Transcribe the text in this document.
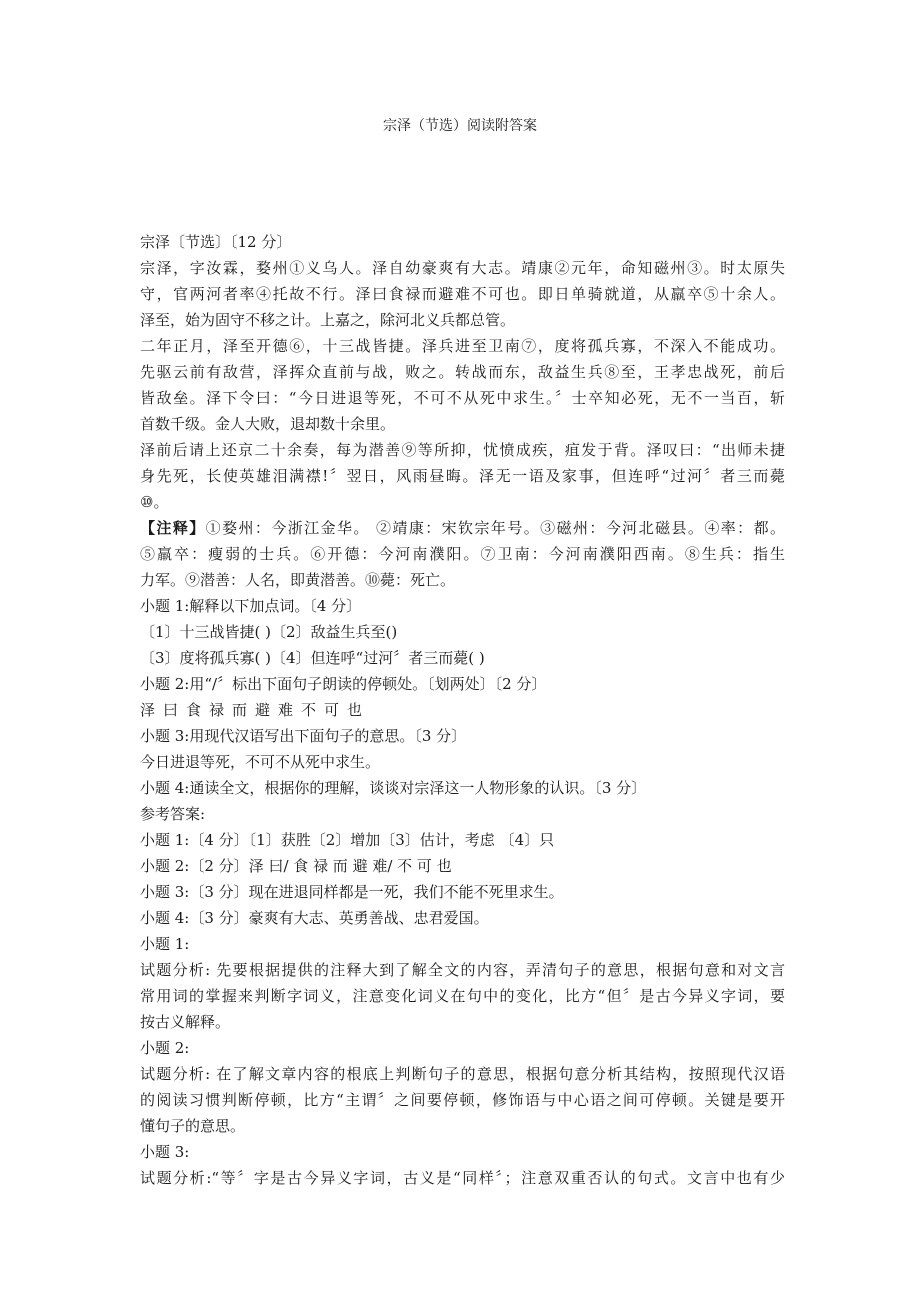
宗泽（节选）阅读附答案
宗泽〔节选〕〔12 分〕
宗泽，字汝霖，婺州①义乌人。泽自幼豪爽有大志。靖康②元年，命知磁州③。时太原失
守，官两河者率④托故不行。泽曰食禄而避难不可也。即日单骑就道，从羸卒⑤十余人。
泽至，始为固守不移之计。上嘉之，除河北义兵都总管。
二年正月，泽至开德⑥，十三战皆捷。泽兵进至卫南⑦，度将孤兵寡，不深入不能成功。
先驱云前有敌营，泽挥众直前与战，败之。转战而东，敌益生兵⑧至，王孝忠战死，前后
皆敌垒。泽下令曰：“今日进退等死，不可不从死中求生。〞士卒知必死，无不一当百，斩
首数千级。金人大败，退却数十余里。
泽前后请上还京二十余奏，每为潜善⑨等所抑，忧愤成疾，疽发于背。泽叹曰：“出师未捷
身先死，长使英雄泪满襟!〞翌日，风雨昼晦。泽无一语及家事，但连呼“过河〞者三而薨
⑩。
【注释】①婺州：今浙江金华。 ②靖康：宋钦宗年号。③磁州：今河北磁县。④率：都。
⑤羸卒：瘦弱的士兵。⑥开德：今河南濮阳。⑦卫南：今河南濮阳西南。⑧生兵：指生
力军。⑨潜善：人名，即黄潜善。⑩薨：死亡。
小题 1:解释以下加点词。〔4 分〕
〔1〕十三战皆捷( )〔2〕敌益生兵至()
〔3〕度将孤兵寡( )〔4〕但连呼“过河〞者三而薨( )
小题 2:用“/〞标出下面句子朗读的停顿处。〔划两处〕〔2 分〕
泽曰食禄而避难不可也
小题 3:用现代汉语写出下面句子的意思。〔3 分〕
今日进退等死，不可不从死中求生。
小题 4:通读全文，根据你的理解，谈谈对宗泽这一人物形象的认识。〔3 分〕
参考答案:
小题 1:〔4 分〕〔1〕获胜〔2〕增加〔3〕估计，考虑 〔4〕只
小题 2:〔2 分〕泽 曰/ 食 禄 而 避 难/ 不 可 也
小题 3:〔3 分〕现在进退同样都是一死，我们不能不死里求生。
小题 4:〔3 分〕豪爽有大志、英勇善战、忠君爱国。
小题 1:
试题分析: 先要根据提供的注释大到了解全文的内容，弄清句子的意思，根据句意和对文言
常用词的掌握来判断字词义，注意变化词义在句中的变化，比方“但〞是古今异义字词，要
按古义解释。
小题 2:
试题分析: 在了解文章内容的根底上判断句子的意思，根据句意分析其结构，按照现代汉语
的阅读习惯判断停顿，比方“主谓〞之间要停顿，修饰语与中心语之间可停顿。关键是要开
懂句子的意思。
小题 3:
试题分析:“等〞字是古今异义字词，古义是“同样〞；注意双重否认的句式。文言中也有少
